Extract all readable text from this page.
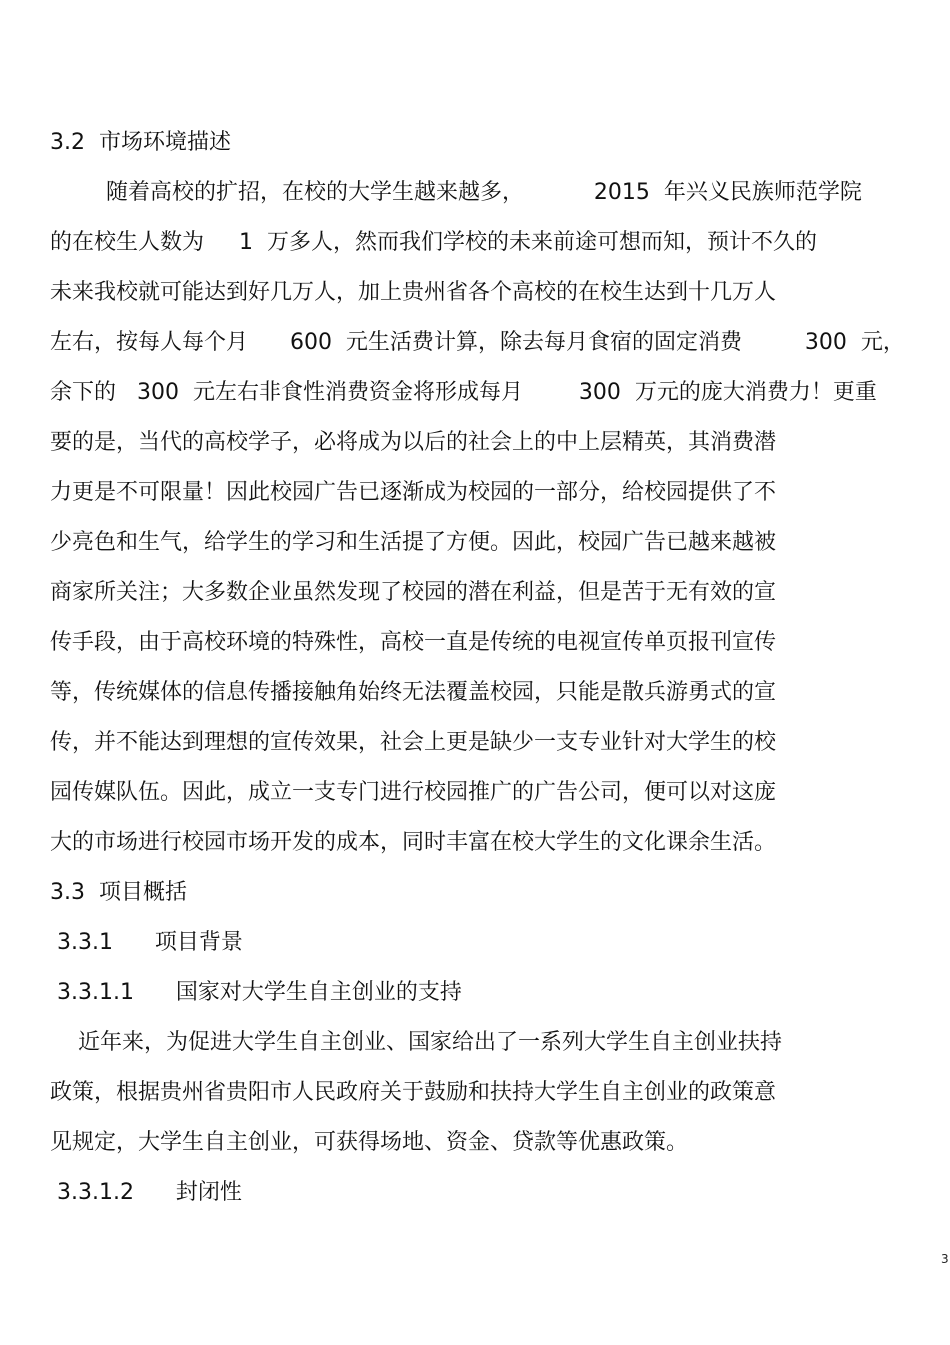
3.2  市场环境描述
随着高校的扩招，在校的大学生越来越多，          2015  年兴义民族师范学院
的在校生人数为     1  万多人，然而我们学校的未来前途可想而知，预计不久的
未来我校就可能达到好几万人，加上贵州省各个高校的在校生达到十几万人
左右，按每人每个月      600  元生活费计算，除去每月食宿的固定消费         300  元，
余下的   300  元左右非食性消费资金将形成每月        300  万元的庞大消费力！更重
要的是，当代的高校学子，必将成为以后的社会上的中上层精英，其消费潜
力更是不可限量！因此校园广告已逐渐成为校园的一部分，给校园提供了不
少亮色和生气，给学生的学习和生活提了方便。因此，校园广告已越来越被
商家所关注；大多数企业虽然发现了校园的潜在利益，但是苦于无有效的宣
传手段，由于高校环境的特殊性，高校一直是传统的电视宣传单页报刊宣传
等，传统媒体的信息传播接触角始终无法覆盖校园，只能是散兵游勇式的宣
传，并不能达到理想的宣传效果，社会上更是缺少一支专业针对大学生的校
园传媒队伍。因此，成立一支专门进行校园推广的广告公司，便可以对这庞
大的市场进行校园市场开发的成本，同时丰富在校大学生的文化课余生活。
3.3  项目概括
3.3.1      项目背景
3.3.1.1      国家对大学生自主创业的支持
近年来，为促进大学生自主创业、国家给出了一系列大学生自主创业扶持
政策，根据贵州省贵阳市人民政府关于鼓励和扶持大学生自主创业的政策意
见规定，大学生自主创业，可获得场地、资金、贷款等优惠政策。
3.3.1.2      封闭性
3
